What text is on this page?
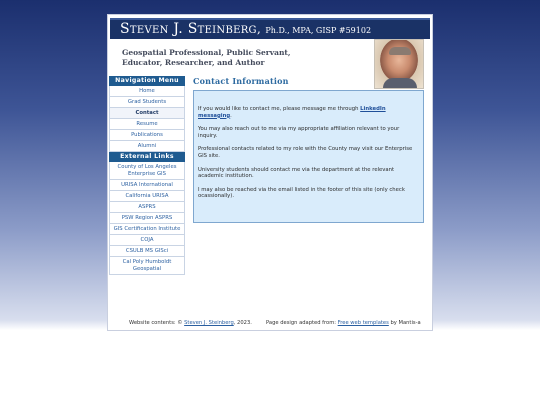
Steven J. Steinberg, Ph.D., MPA, GISP #59102
Geospatial Professional, Public Servant,
Educator, Researcher, and Author
Navigation Menu
Home
Grad Students
Contact
Resume
Publications
Alumni
External Links
County of Los Angeles Enterprise GIS
URISA International
California URISA
ASPRS
PSW Region ASPRS
GIS Certification Institute
COJA
CSULB MS GISci
Cal Poly Humboldt Geospatial
Contact Information

If you would like to contact me, please message me through LinkedIn messaging.

You may also reach out to me via my appropriate affiliation relevant to your inquiry.

Professional contacts related to my role with the County may visit our Enterprise GIS site.

University students should contact me via the department at the relevant academic institution.

I may also be reached via the email listed in the footer of this site (only check ocassionally).

Website contents: © Steven J. Steinberg, 2023.	Page design adapted from: Free web templates by Mantis-a
